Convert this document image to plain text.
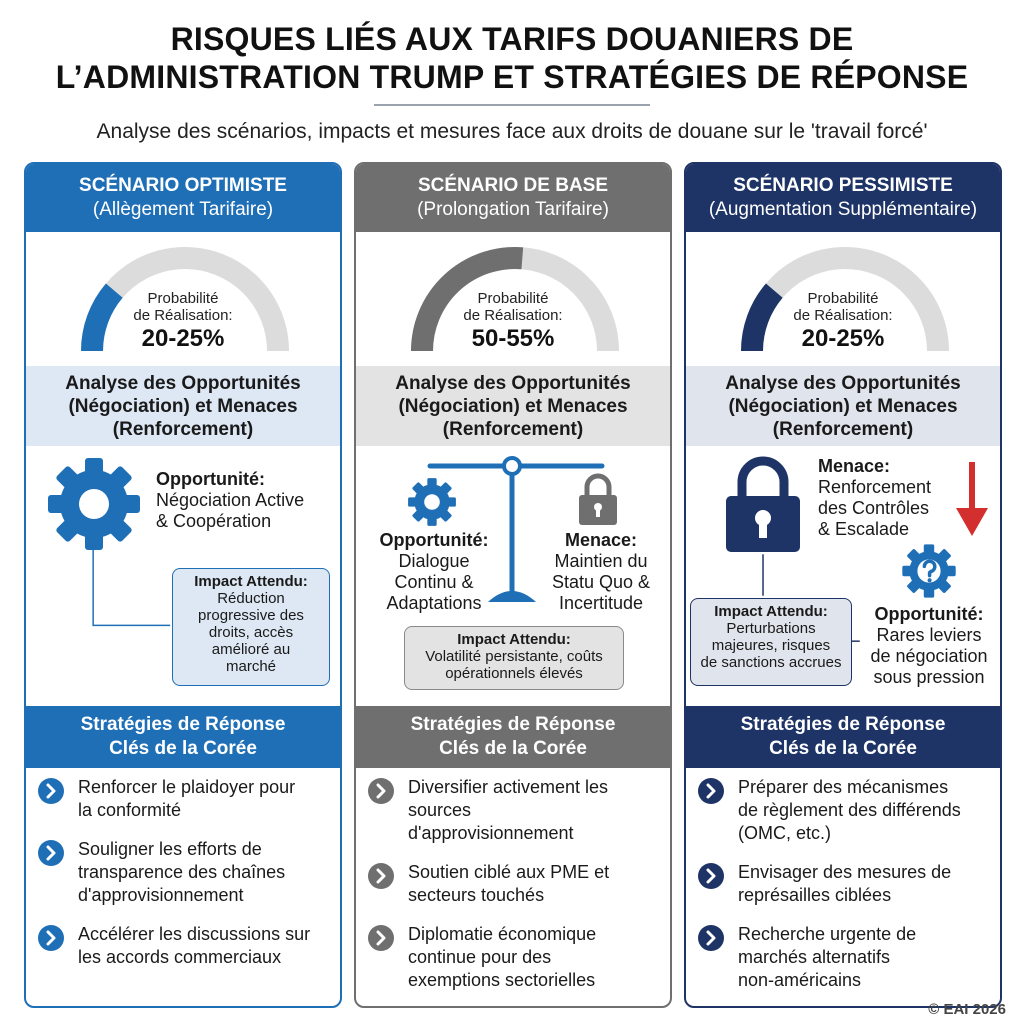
RISQUES LIÉS AUX TARIFS DOUANIERS DE
L’ADMINISTRATION TRUMP ET STRATÉGIES DE RÉPONSE
Analyse des scénarios, impacts et mesures face aux droits de douane sur le 'travail forcé'
SCÉNARIO OPTIMISTE
(Allègement Tarifaire)
Probabilité
de Réalisation:
20-25%
Analyse des Opportunités
(Négociation) et Menaces
(Renforcement)
Opportunité:
Négociation Active
& Coopération
Impact Attendu:
Réduction
progressive des
droits, accès
amélioré au
marché
Stratégies de Réponse
Clés de la Corée
Renforcer le plaidoyer pour
la conformité
Souligner les efforts de
transparence des chaînes
d'approvisionnement
Accélérer les discussions sur
les accords commerciaux
SCÉNARIO DE BASE
(Prolongation Tarifaire)
Probabilité
de Réalisation:
50-55%
Analyse des Opportunités
(Négociation) et Menaces
(Renforcement)
Opportunité:
Dialogue
Continu &
Adaptations
Menace:
Maintien du
Statu Quo &
Incertitude
Impact Attendu:
Volatilité persistante, coûts
opérationnels élevés
Stratégies de Réponse
Clés de la Corée
Diversifier activement les
sources
d'approvisionnement
Soutien ciblé aux PME et
secteurs touchés
Diplomatie économique
continue pour des
exemptions sectorielles
SCÉNARIO PESSIMISTE
(Augmentation Supplémentaire)
Probabilité
de Réalisation:
20-25%
Analyse des Opportunités
(Négociation) et Menaces
(Renforcement)
Menace:
Renforcement
des Contrôles
& Escalade
Impact Attendu:
Perturbations
majeures, risques
de sanctions accrues
Opportunité:
Rares leviers
de négociation
sous pression
Stratégies de Réponse
Clés de la Corée
Préparer des mécanismes
de règlement des différends
(OMC, etc.)
Envisager des mesures de
représailles ciblées
Recherche urgente de
marchés alternatifs
non-américains
© EAI 2026
